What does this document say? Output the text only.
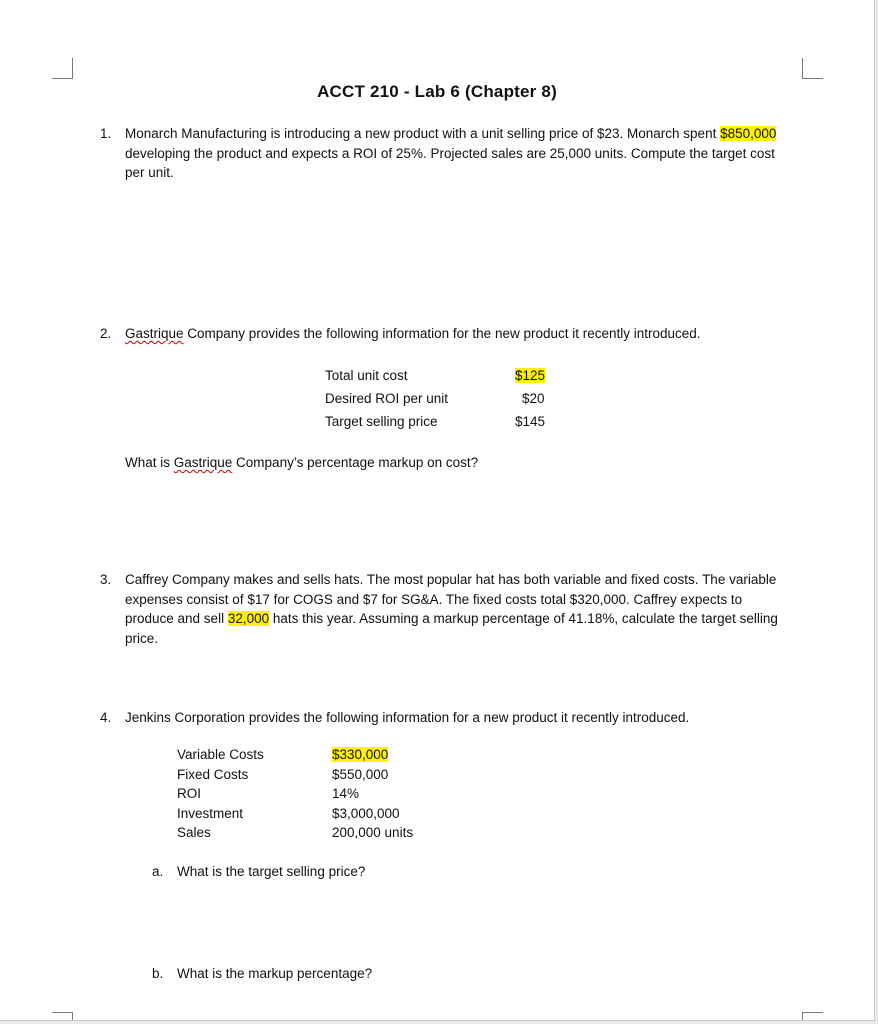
ACCT 210 - Lab 6 (Chapter 8)
1. Monarch Manufacturing is introducing a new product with a unit selling price of $23. Monarch spent $850,000 developing the product and expects a ROI of 25%. Projected sales are 25,000 units. Compute the target cost per unit.
2. Gastrique Company provides the following information for the new product it recently introduced.
Total unit cost	$125
Desired ROI per unit	$20
Target selling price	$145
What is Gastrique Company’s percentage markup on cost?
3. Caffrey Company makes and sells hats. The most popular hat has both variable and fixed costs. The variable expenses consist of $17 for COGS and $7 for SG&A. The fixed costs total $320,000. Caffrey expects to produce and sell 32,000 hats this year. Assuming a markup percentage of 41.18%, calculate the target selling price.
4. Jenkins Corporation provides the following information for a new product it recently introduced.
Variable Costs	$330,000
Fixed Costs	$550,000
ROI	14%
Investment	$3,000,000
Sales	200,000 units
a. What is the target selling price?
b. What is the markup percentage?
